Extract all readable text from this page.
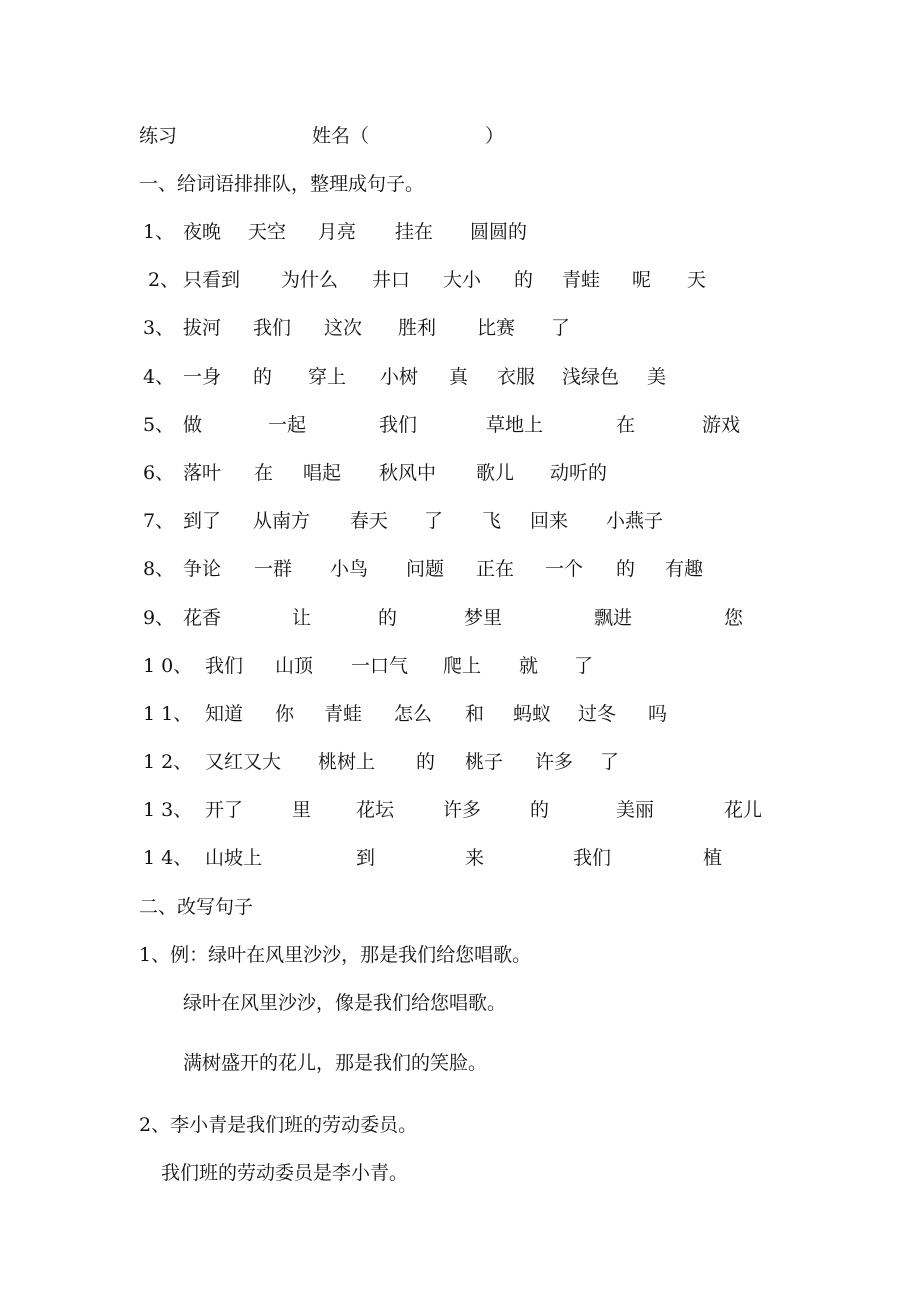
练习	姓名（	）
一、给词语排排队，整理成句子。
1、 夜晚 天空 月亮 挂在 圆圆的
2、 只看到 为什么 井口 大小 的 青蛙 呢 天
3、 拔河 我们 这次 胜利 比赛 了
4、 一身 的 穿上 小树 真 衣服 浅绿色 美
5、 做	一起	我们	草地上	在	游戏
6、 落叶 在 唱起 秋风中 歌儿 动听的
7、 到了 从南方 春天 了 飞 回来 小燕子
8、 争论 一群 小鸟 问题 正在 一个 的 有趣
9、 花香	让	的	梦里	飘进	您
1 0、 我们 山顶 一口气 爬上 就 了
1 1、 知道 你 青蛙 怎么 和 蚂蚁 过冬 吗
1 2、 又红又大 桃树上 的 桃子 许多 了
1 3、 开了	里 花坛	许多	的	美丽	花儿
1 4、 山坡上	到	来	我们	植
二、改写句子
1、例：绿叶在风里沙沙，那是我们给您唱歌。
绿叶在风里沙沙，像是我们给您唱歌。
满树盛开的花儿，那是我们的笑脸。
2、李小青是我们班的劳动委员。
我们班的劳动委员是李小青。
